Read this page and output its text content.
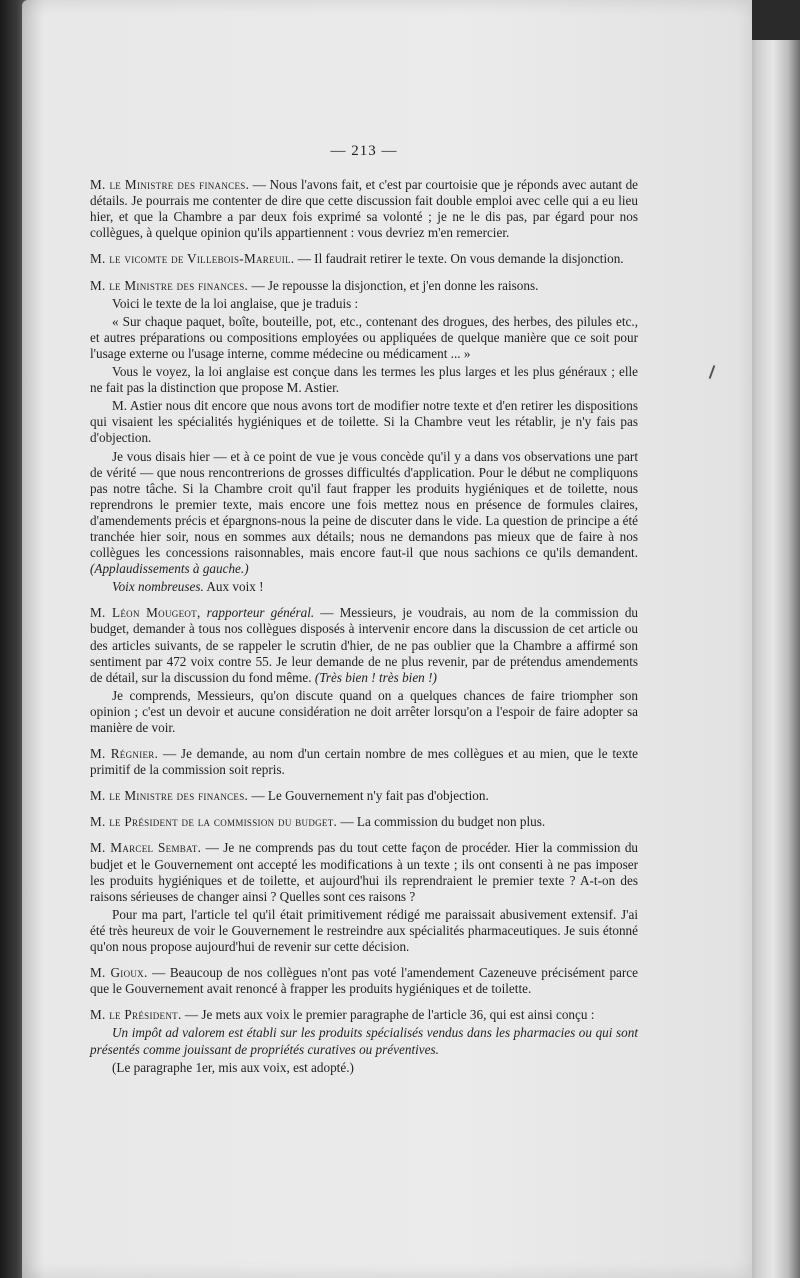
— 213 —

M. le Ministre des finances. — Nous l'avons fait, et c'est par courtoisie que je réponds avec autant de détails. Je pourrais me contenter de dire que cette discussion fait double emploi avec celle qui a eu lieu hier, et que la Chambre a par deux fois exprimé sa volonté ; je ne le dis pas, par égard pour nos collègues, à quelque opinion qu'ils appartiennent : vous devriez m'en remercier.

M. le vicomte de Villebois-Mareuil. — Il faudrait retirer le texte. On vous demande la disjonction.

M. le Ministre des finances. — Je repousse la disjonction, et j'en donne les raisons.

Voici le texte de la loi anglaise, que je traduis :

« Sur chaque paquet, boîte, bouteille, pot, etc., contenant des drogues, des herbes, des pilules etc., et autres préparations ou compositions employées ou appliquées de quelque manière que ce soit pour l'usage externe ou l'usage interne, comme médecine ou médicament ... »

Vous le voyez, la loi anglaise est conçue dans les termes les plus larges et les plus généraux ; elle ne fait pas la distinction que propose M. Astier.

M. Astier nous dit encore que nous avons tort de modifier notre texte et d'en retirer les dispositions qui visaient les spécialités hygiéniques et de toilette. Si la Chambre veut les rétablir, je n'y fais pas d'objection.

Je vous disais hier — et à ce point de vue je vous concède qu'il y a dans vos observations une part de vérité — que nous rencontrerions de grosses difficultés d'application. Pour le début ne compliquons pas notre tâche. Si la Chambre croit qu'il faut frapper les produits hygiéniques et de toilette, nous reprendrons le premier texte, mais encore une fois mettez nous en présence de formules claires, d'amendements précis et épargnons-nous la peine de discuter dans le vide. La question de principe a été tranchée hier soir, nous en sommes aux détails; nous ne demandons pas mieux que de faire à nos collègues les concessions raisonnables, mais encore faut-il que nous sachions ce qu'ils demandent. (Applaudissements à gauche.)

Voix nombreuses. Aux voix !

M. Léon Mougeot, rapporteur général. — Messieurs, je voudrais, au nom de la commission du budget, demander à tous nos collègues disposés à intervenir encore dans la discussion de cet article ou des articles suivants, de se rappeler le scrutin d'hier, de ne pas oublier que la Chambre a affirmé son sentiment par 472 voix contre 55. Je leur demande de ne plus revenir, par de prétendus amendements de détail, sur la discussion du fond même. (Très bien ! très bien !)

Je comprends, Messieurs, qu'on discute quand on a quelques chances de faire triompher son opinion ; c'est un devoir et aucune considération ne doit arrêter lorsqu'on a l'espoir de faire adopter sa manière de voir.

M. Régnier. — Je demande, au nom d'un certain nombre de mes collègues et au mien, que le texte primitif de la commission soit repris.

M. le Ministre des finances. — Le Gouvernement n'y fait pas d'objection.

M. le Président de la commission du budget. — La commission du budget non plus.

M. Marcel Sembat. — Je ne comprends pas du tout cette façon de procéder. Hier la commission du budjet et le Gouvernement ont accepté les modifications à un texte ; ils ont consenti à ne pas imposer les produits hygiéniques et de toilette, et aujourd'hui ils reprendraient le premier texte ? A-t-on des raisons sérieuses de changer ainsi ? Quelles sont ces raisons ?

Pour ma part, l'article tel qu'il était primitivement rédigé me paraissait abusivement extensif. J'ai été très heureux de voir le Gouvernement le restreindre aux spécialités pharmaceutiques. Je suis étonné qu'on nous propose aujourd'hui de revenir sur cette décision.

M. Gioux. — Beaucoup de nos collègues n'ont pas voté l'amendement Cazeneuve précisément parce que le Gouvernement avait renoncé à frapper les produits hygiéniques et de toilette.

M. le Président. — Je mets aux voix le premier paragraphe de l'article 36, qui est ainsi conçu :

Un impôt ad valorem est établi sur les produits spécialisés vendus dans les pharmacies ou qui sont présentés comme jouissant de propriétés curatives ou préventives.

(Le paragraphe 1er, mis aux voix, est adopté.)
